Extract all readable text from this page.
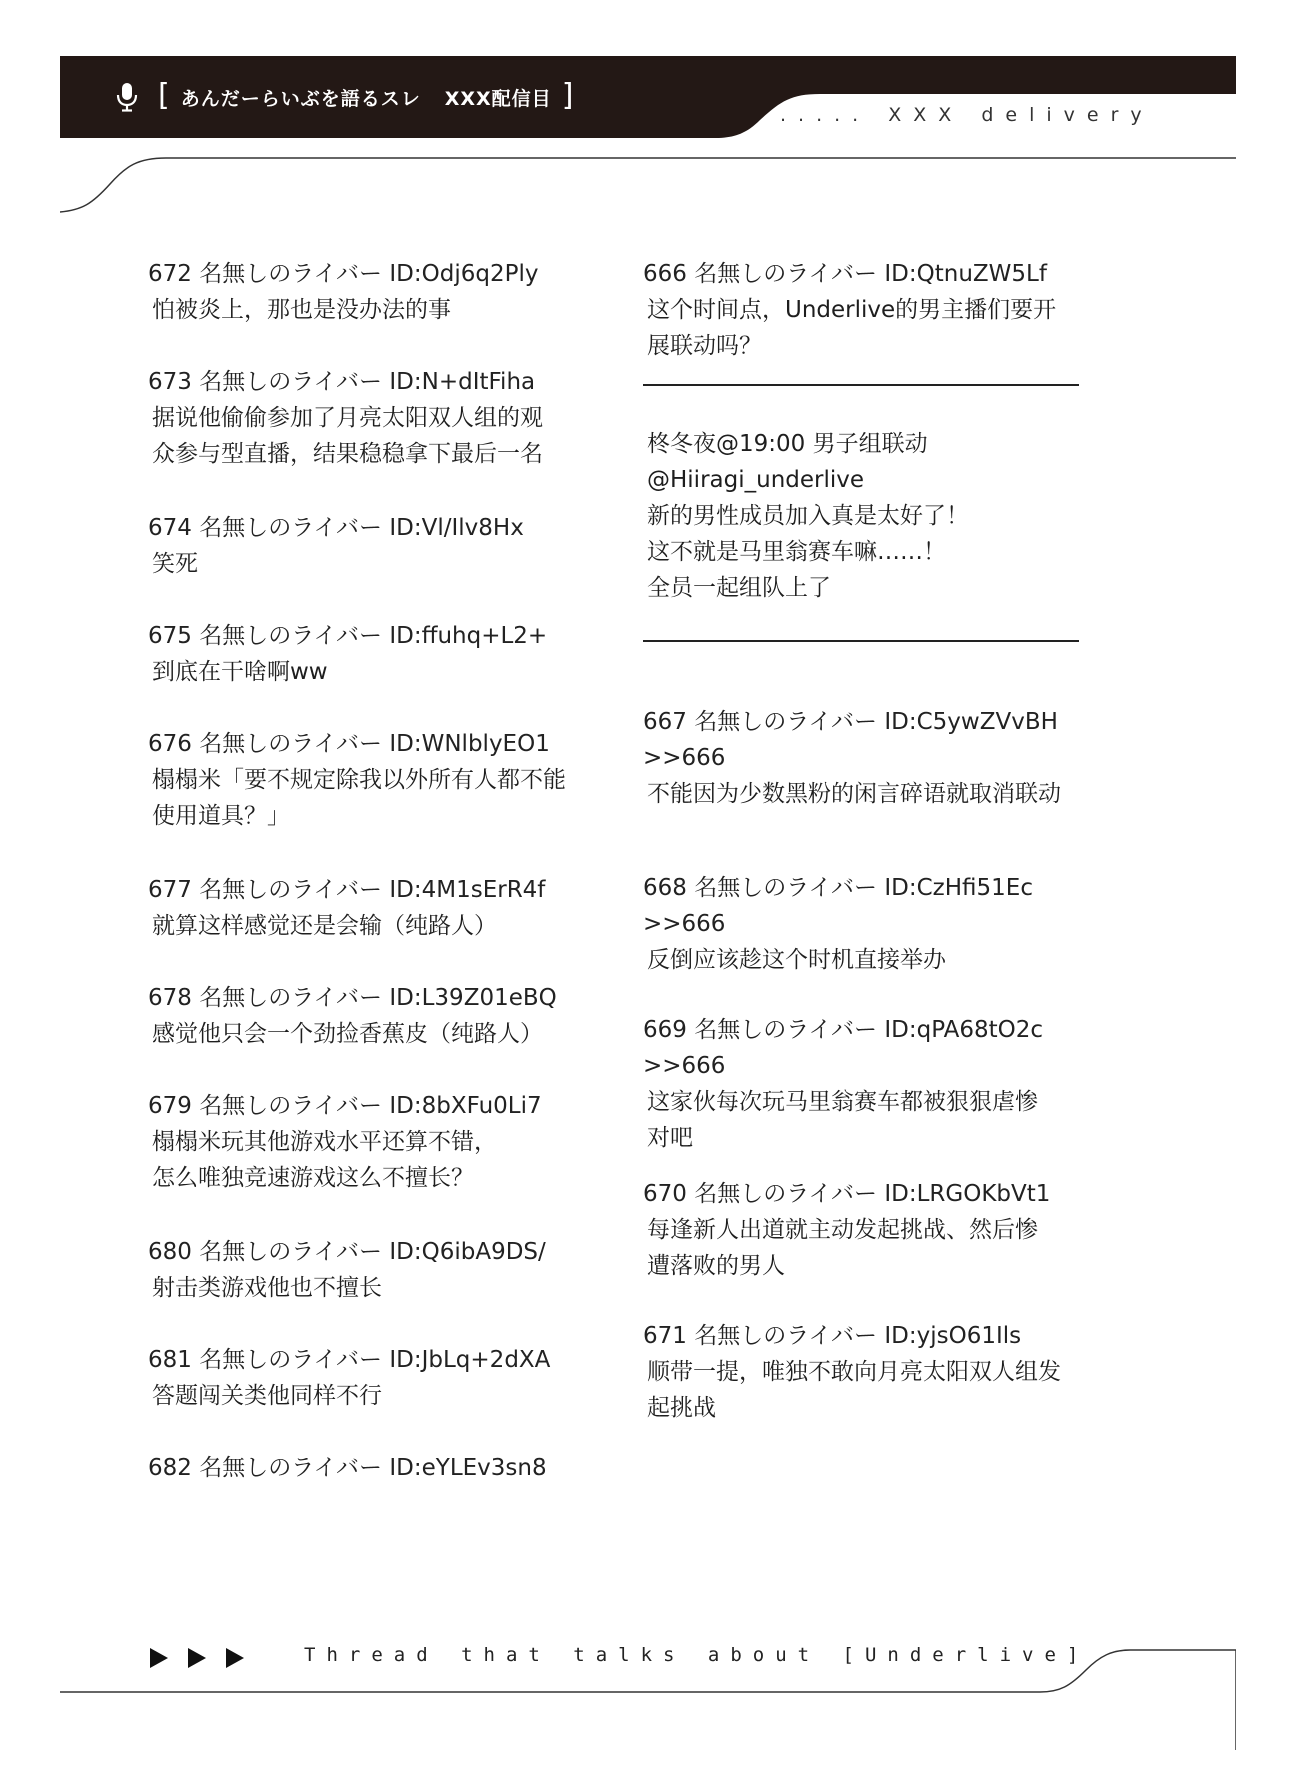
[ あんだーらいぶを語るスレ XXX配信目 ]
..... XXX delivery
672 名無しのライバー ID:Odj6q2Ply
怕被炎上，那也是没办法的事
673 名無しのライバー ID:N+dItFiha
据说他偷偷参加了月亮太阳双人组的观
众参与型直播，结果稳稳拿下最后一名
674 名無しのライバー ID:Vl/Ilv8Hx
笑死
675 名無しのライバー ID:ffuhq+L2+
到底在干啥啊ww
676 名無しのライバー ID:WNlblyEO1
榻榻米「要不规定除我以外所有人都不能
使用道具？」
677 名無しのライバー ID:4M1sErR4f
就算这样感觉还是会输（纯路人）
678 名無しのライバー ID:L39Z01eBQ
感觉他只会一个劲捡香蕉皮（纯路人）
679 名無しのライバー ID:8bXFu0Li7
榻榻米玩其他游戏水平还算不错，
怎么唯独竞速游戏这么不擅长？
680 名無しのライバー ID:Q6ibA9DS/
射击类游戏他也不擅长
681 名無しのライバー ID:JbLq+2dXA
答题闯关类他同样不行
682 名無しのライバー ID:eYLEv3sn8
666 名無しのライバー ID:QtnuZW5Lf
这个时间点，Underlive的男主播们要开
展联动吗？
柊冬夜@19:00 男子组联动
@Hiiragi_underlive
新的男性成员加入真是太好了！
这不就是马里翁赛车嘛……！
全员一起组队上了
667 名無しのライバー ID:C5ywZVvBH
>>666
不能因为少数黑粉的闲言碎语就取消联动
668 名無しのライバー ID:CzHfi51Ec
>>666
反倒应该趁这个时机直接举办
669 名無しのライバー ID:qPA68tO2c
>>666
这家伙每次玩马里翁赛车都被狠狠虐惨
对吧
670 名無しのライバー ID:LRGOKbVt1
每逢新人出道就主动发起挑战、然后惨
遭落败的男人
671 名無しのライバー ID:yjsO61Ils
顺带一提，唯独不敢向月亮太阳双人组发
起挑战
Thread that talks about [Underlive]
